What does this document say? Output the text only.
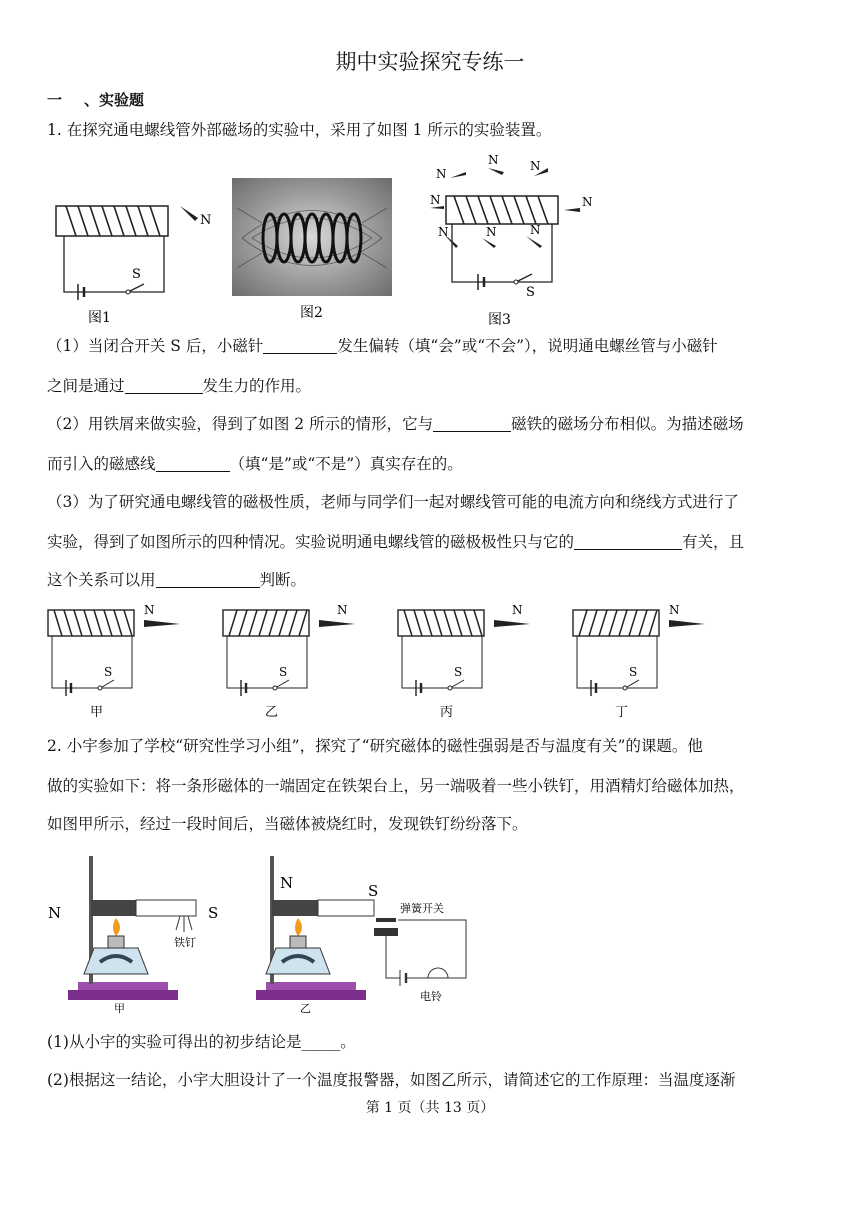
期中实验探究专练一
一 、实验题
1. 在探究通电螺线管外部磁场的实验中，采用了如图 1 所示的实验装置。
S
N
图1	图2
S
N
N	N
N	N
N	N	N
图3
（1）当闭合开关 S 后，小磁针	发生偏转（填“会”或“不会”），说明通电螺丝管与小磁针
之间是通过	发生力的作用。
（2）用铁屑来做实验，得到了如图 2 所示的情形，它与	磁铁的磁场分布相似。为描述磁场
而引入的磁感线	（填“是”或“不是”）真实存在的。
（3）为了研究通电螺线管的磁极性质，老师与同学们一起对螺线管可能的电流方向和绕线方式进行了
实验，得到了如图所示的四种情况。实验说明通电螺线管的磁极极性只与它的	有关，且
这个关系可以用	判断。
S
N
甲
S
N
乙
S
N
丙
S
N
丁
2. 小宇参加了学校“研究性学习小组”，探究了“研究磁体的磁性强弱是否与温度有关”的课题。他
做的实验如下：将一条形磁体的一端固定在铁架台上，另一端吸着一些小铁钉，用酒精灯给磁体加热，
如图甲所示，经过一段时间后，当磁体被烧红时，发现铁钉纷纷落下。
N	S
铁钉
甲
N	S
弹簧开关
电铃
乙
(1)从小宇的实验可得出的初步结论是_____。
(2)根据这一结论，小宇大胆设计了一个温度报警器，如图乙所示，请简述它的工作原理：当温度逐渐
第 1 页（共 13 页）
